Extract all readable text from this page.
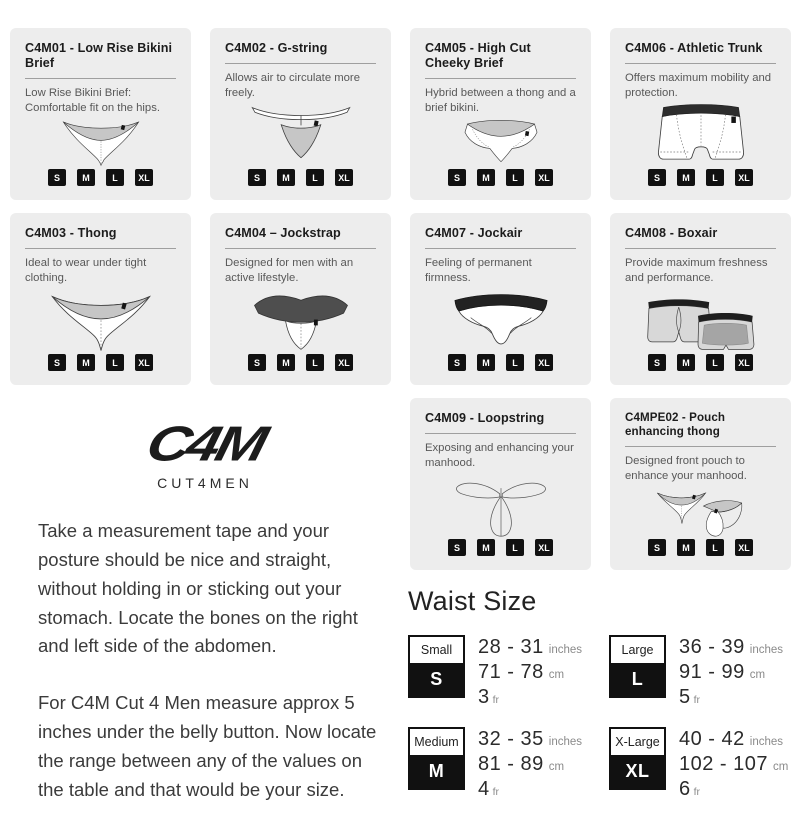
C4M01 - Low Rise Bikini Brief
Low Rise Bikini Brief: Comfortable fit on the hips.
S	M	L	XL
C4M02 - G-string
Allows air to circulate more freely.
S	M	L	XL
C4M05 - High Cut Cheeky Brief
Hybrid between a thong and a brief bikini.
S	M	L	XL
C4M06 - Athletic Trunk
Offers maximum mobility and protection.
S	M	L	XL
C4M03 - Thong
Ideal to wear under tight clothing.
S	M	L	XL
C4M04 – Jockstrap
Designed for men with an active lifestyle.
S	M	L	XL
C4M07 - Jockair
Feeling of permanent firmness.
S	M	L	XL
C4M08 - Boxair
Provide maximum freshness and performance.
S	M	L	XL
C4M09 - Loopstring
Exposing and enhancing your manhood.
S	M	L	XL
C4MPE02 - Pouch enhancing thong
Designed front pouch to enhance your manhood.
S	M	L	XL
C4M
CUT4MEN

Take a measurement tape and your posture should be nice and straight, without holding in or sticking out your stomach. Locate the bones on the right and left side of the abdomen.

For C4M Cut 4 Men measure approx 5 inches under the belly button. Now locate the range between any of the values on the table and that would be your size.

Waist Size
Small
S
28 - 31 inches
71 - 78 cm
3 fr
Large
L
36 - 39 inches
91 - 99 cm
5 fr
Medium
M
32 - 35 inches
81 - 89 cm
4 fr
X-Large
XL
40 - 42 inches
102 - 107 cm
6 fr
